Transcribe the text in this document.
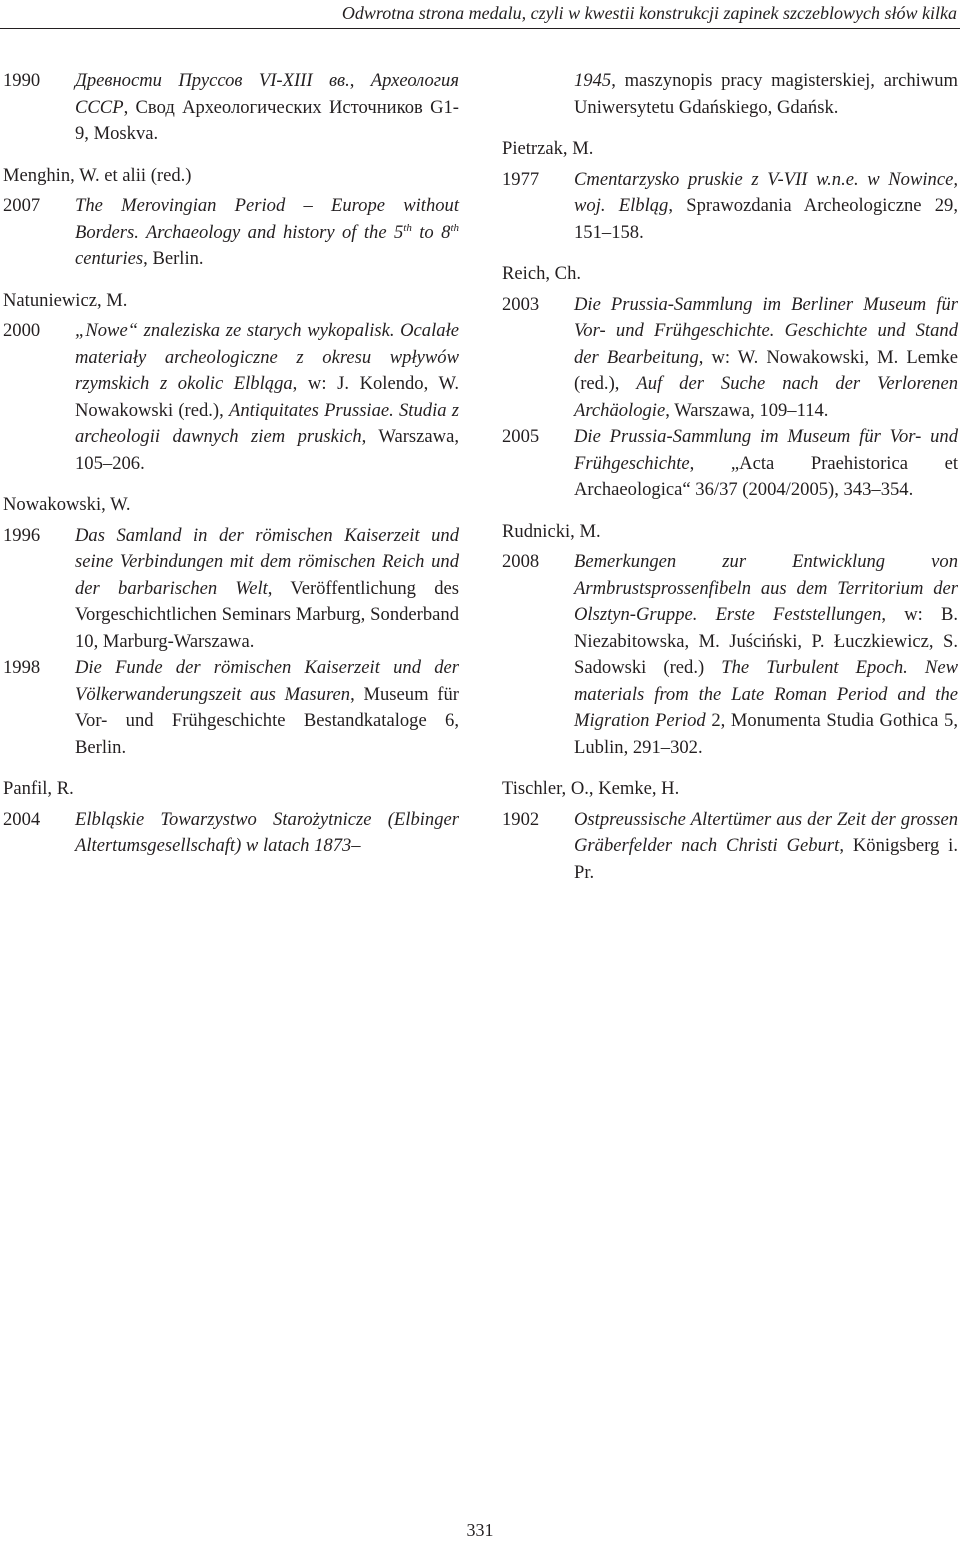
Odwrotna strona medalu, czyli w kwestii konstrukcji zapinek szczeblowych słów kilka
1990	Древности Пруссов VI-XIII вв., Археология СССР, Свод Археологических Источников G1-9, Moskva.
Menghin, W. et alii (red.)
2007	The Merovingian Period – Europe without Borders. Archaeology and history of the 5th to 8th centuries, Berlin.
Natuniewicz, M.
2000	„Nowe“ znaleziska ze starych wykopalisk. Ocalałe materiały archeologiczne z okresu wpływów rzymskich z okolic Elbląga, w: J. Kolendo, W. Nowakowski (red.), Antiquitates Prussiae. Studia z archeologii dawnych ziem pruskich, Warszawa, 105–206.
Nowakowski, W.
1996	Das Samland in der römischen Kaiserzeit und seine Verbindungen mit dem römischen Reich und der barbarischen Welt, Veröffentlichung des Vorgeschichtlichen Seminars Marburg, Sonderband 10, Marburg-Warszawa.
1998	Die Funde der römischen Kaiserzeit und der Völkerwanderungszeit aus Masuren, Museum für Vor- und Frühgeschichte Bestandkataloge 6, Berlin.
Panfil, R.
2004	Elbląskie Towarzystwo Starożytnicze (Elbinger Altertumsgesellschaft) w latach 1873–
1945, maszynopis pracy magisterskiej, archiwum Uniwersytetu Gdańskiego, Gdańsk.
Pietrzak, M.
1977	Cmentarzysko pruskie z V-VII w.n.e. w Nowince, woj. Elbląg, Sprawozdania Archeologiczne 29, 151–158.
Reich, Ch.
2003	Die Prussia-Sammlung im Berliner Museum für Vor- und Frühgeschichte. Geschichte und Stand der Bearbeitung, w: W. Nowakowski, M. Lemke (red.), Auf der Suche nach der Verlorenen Archäologie, Warszawa, 109–114.
2005	Die Prussia-Sammlung im Museum für Vor- und Frühgeschichte, „Acta Praehistorica et Archaeologica“ 36/37 (2004/2005), 343–354.
Rudnicki, M.
2008	Bemerkungen zur Entwicklung von Armbrustsprossenfibeln aus dem Territorium der Olsztyn-Gruppe. Erste Feststellungen, w: B. Niezabitowska, M. Juściński, P. Łuczkiewicz, S. Sadowski (red.) The Turbulent Epoch. New materials from the Late Roman Period and the Migration Period 2, Monumenta Studia Gothica 5, Lublin, 291–302.
Tischler, O., Kemke, H.
1902	Ostpreussische Altertümer aus der Zeit der grossen Gräberfelder nach Christi Geburt, Königsberg i. Pr.
331
